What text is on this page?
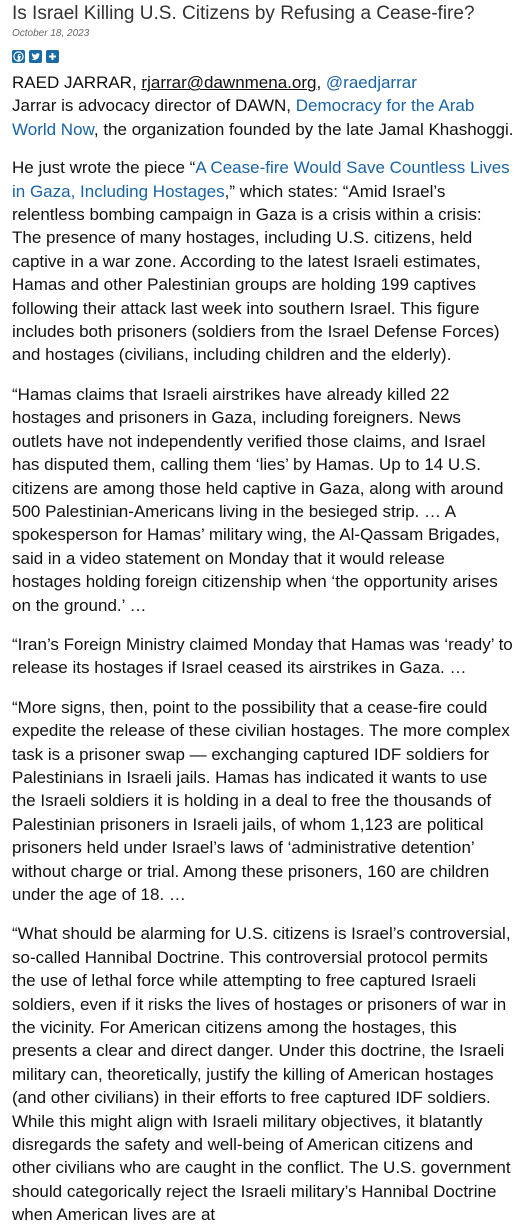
Is Israel Killing U.S. Citizens by Refusing a Cease-fire?
October 18, 2023

RAED JARRAR, rjarrar@dawnmena.org, @raedjarrar
Jarrar is advocacy director of DAWN, Democracy for the Arab World Now, the organization founded by the late Jamal Khashoggi.

He just wrote the piece “A Cease-fire Would Save Countless Lives in Gaza, Including Hostages,” which states: “Amid Israel’s relentless bombing campaign in Gaza is a crisis within a crisis: The presence of many hostages, including U.S. citizens, held captive in a war zone. According to the latest Israeli estimates, Hamas and other Palestinian groups are holding 199 captives following their attack last week into southern Israel. This figure includes both prisoners (soldiers from the Israel Defense Forces) and hostages (civilians, including children and the elderly).

“Hamas claims that Israeli airstrikes have already killed 22 hostages and prisoners in Gaza, including foreigners. News outlets have not independently verified those claims, and Israel has disputed them, calling them ‘lies’ by Hamas. Up to 14 U.S. citizens are among those held captive in Gaza, along with around 500 Palestinian-Americans living in the besieged strip. … A spokesperson for Hamas’ military wing, the Al-Qassam Brigades, said in a video statement on Monday that it would release hostages holding foreign citizenship when ‘the opportunity arises on the ground.’ …

“Iran’s Foreign Ministry claimed Monday that Hamas was ‘ready’ to release its hostages if Israel ceased its airstrikes in Gaza. …

“More signs, then, point to the possibility that a cease-fire could expedite the release of these civilian hostages. The more complex task is a prisoner swap — exchanging captured IDF soldiers for Palestinians in Israeli jails. Hamas has indicated it wants to use the Israeli soldiers it is holding in a deal to free the thousands of Palestinian prisoners in Israeli jails, of whom 1,123 are political prisoners held under Israel’s laws of ‘administrative detention’ without charge or trial. Among these prisoners, 160 are children under the age of 18. …

“What should be alarming for U.S. citizens is Israel’s controversial, so-called Hannibal Doctrine. This controversial protocol permits the use of lethal force while attempting to free captured Israeli soldiers, even if it risks the lives of hostages or prisoners of war in the vicinity. For American citizens among the hostages, this presents a clear and direct danger. Under this doctrine, the Israeli military can, theoretically, justify the killing of American hostages (and other civilians) in their efforts to free captured IDF soldiers. While this might align with Israeli military objectives, it blatantly disregards the safety and well-being of American citizens and other civilians who are caught in the conflict. The U.S. government should categorically reject the Israeli military’s Hannibal Doctrine when American lives are at
